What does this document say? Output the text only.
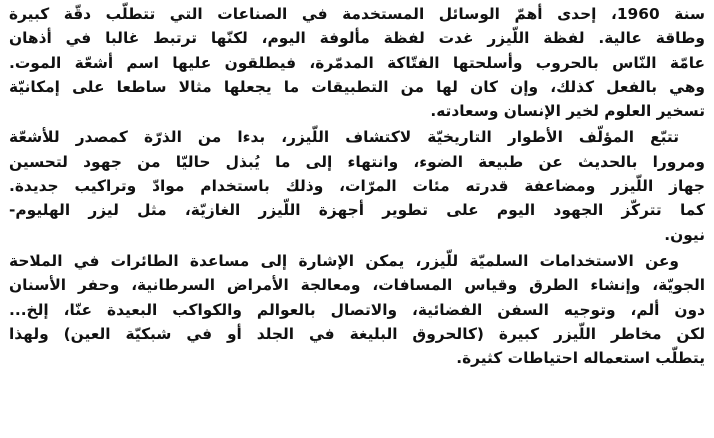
سنة 1960، إحدى أهمّ الوسائل المستخدمة في الصناعات التي تتطلّب دقّة كبيرة
وطاقة عالية. لفظة اللّيزر غدت لفظة مألوفة اليوم، لكنّها ترتبط غالبا في أذهان
عامّة النّاس بالحروب وأسلحتها الفتّاكة المدمّرة، فيطلقون عليها اسم أشعّة الموت.
وهي بالفعل كذلك، وإن كان لها من التطبيقات ما يجعلها مثالا ساطعا على إمكانيّة
تسخير العلوم لخير الإنسان وسعادته.
تتبّع المؤلّف الأطوار التاريخيّة لاكتشاف اللّيزر، بدءا من الذرّة كمصدر للأشعّة
ومرورا بالحديث عن طبيعة الضوء، وانتهاء إلى ما يُبذل حاليّا من جهود لتحسين
جهاز اللّيزر ومضاعفة قدرته مئات المرّات، وذلك باستخدام موادّ وتراكيب جديدة.
كما تتركّز الجهود اليوم على تطوير أجهزة اللّيزر الغازيّة، مثل ليزر الهليوم-
نيون.
وعن الاستخدامات السلميّة للّيزر، يمكن الإشارة إلى مساعدة الطائرات في الملاحة
الجويّة، وإنشاء الطرق وقياس المسافات، ومعالجة الأمراض السرطانية، وحفر الأسنان
دون ألم، وتوجيه السفن الفضائية، والاتصال بالعوالم والكواكب البعيدة عنّا، إلخ...
لكن مخاطر اللّيزر كبيرة (كالحروق البليغة في الجلد أو في شبكيّة العين) ولهذا
يتطلّب استعماله احتياطات كثيرة.
